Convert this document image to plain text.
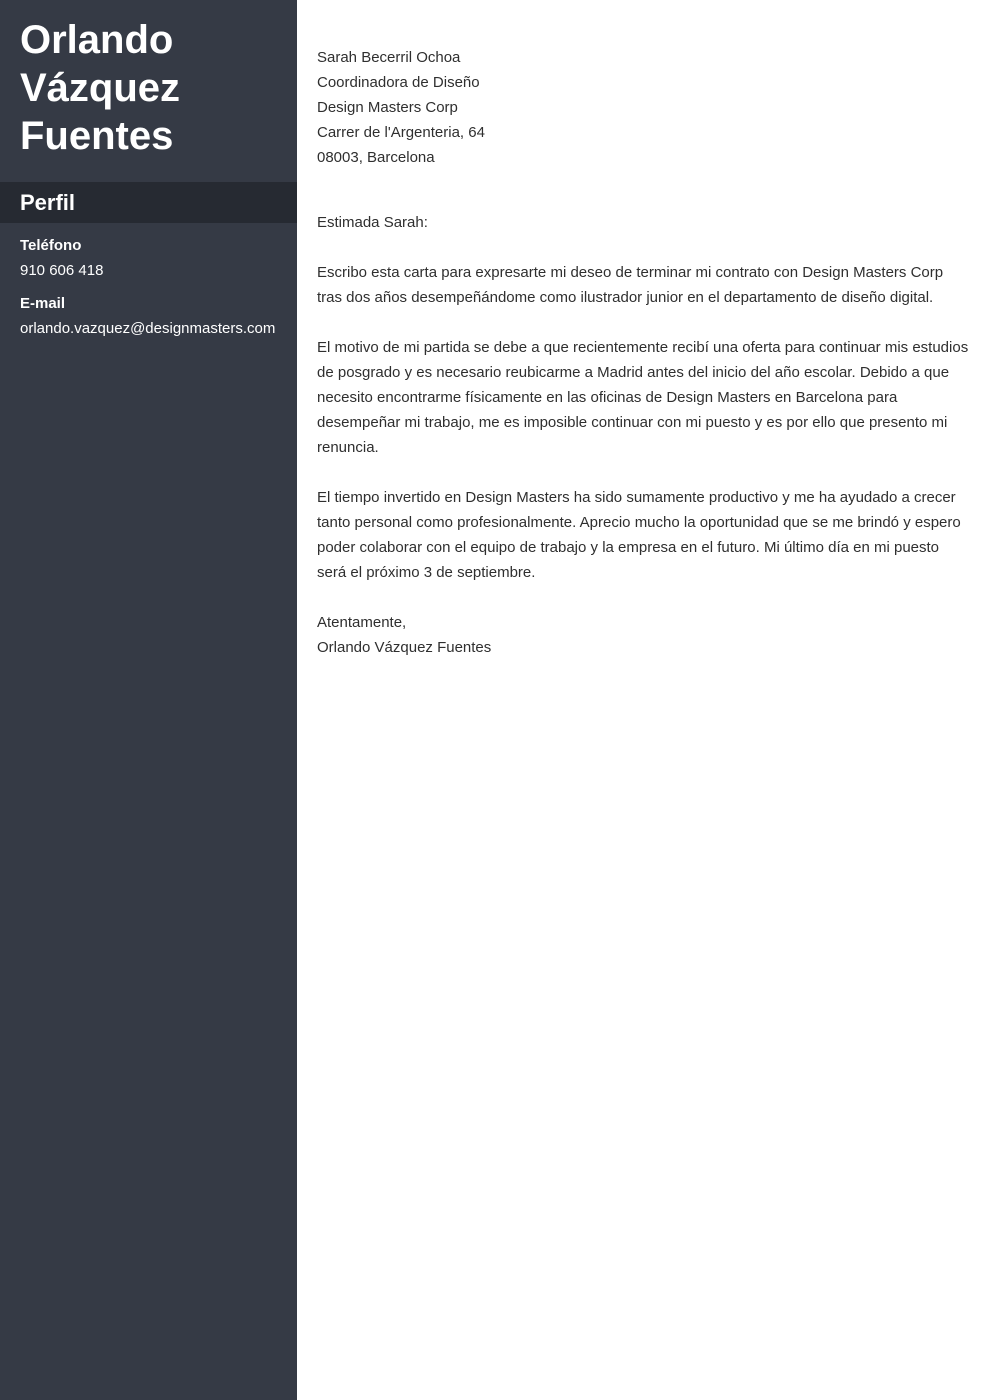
Orlando
Vázquez
Fuentes
Perfil
Teléfono
910 606 418
E-mail
orlando.vazquez@designmasters.com
Sarah Becerril Ochoa
Coordinadora de Diseño
Design Masters Corp
Carrer de l'Argenteria, 64
08003, Barcelona
Estimada Sarah:
Escribo esta carta para expresarte mi deseo de terminar mi contrato con Design Masters Corp tras dos años desempeñándome como ilustrador junior en el departamento de diseño digital.
El motivo de mi partida se debe a que recientemente recibí una oferta para continuar mis estudios de posgrado y es necesario reubicarme a Madrid antes del inicio del año escolar. Debido a que necesito encontrarme físicamente en las oficinas de Design Masters en Barcelona para desempeñar mi trabajo, me es imposible continuar con mi puesto y es por ello que presento mi renuncia.
El tiempo invertido en Design Masters ha sido sumamente productivo y me ha ayudado a crecer tanto personal como profesionalmente. Aprecio mucho la oportunidad que se me brindó y espero poder colaborar con el equipo de trabajo y la empresa en el futuro. Mi último día en mi puesto será el próximo 3 de septiembre.
Atentamente,
Orlando Vázquez Fuentes
